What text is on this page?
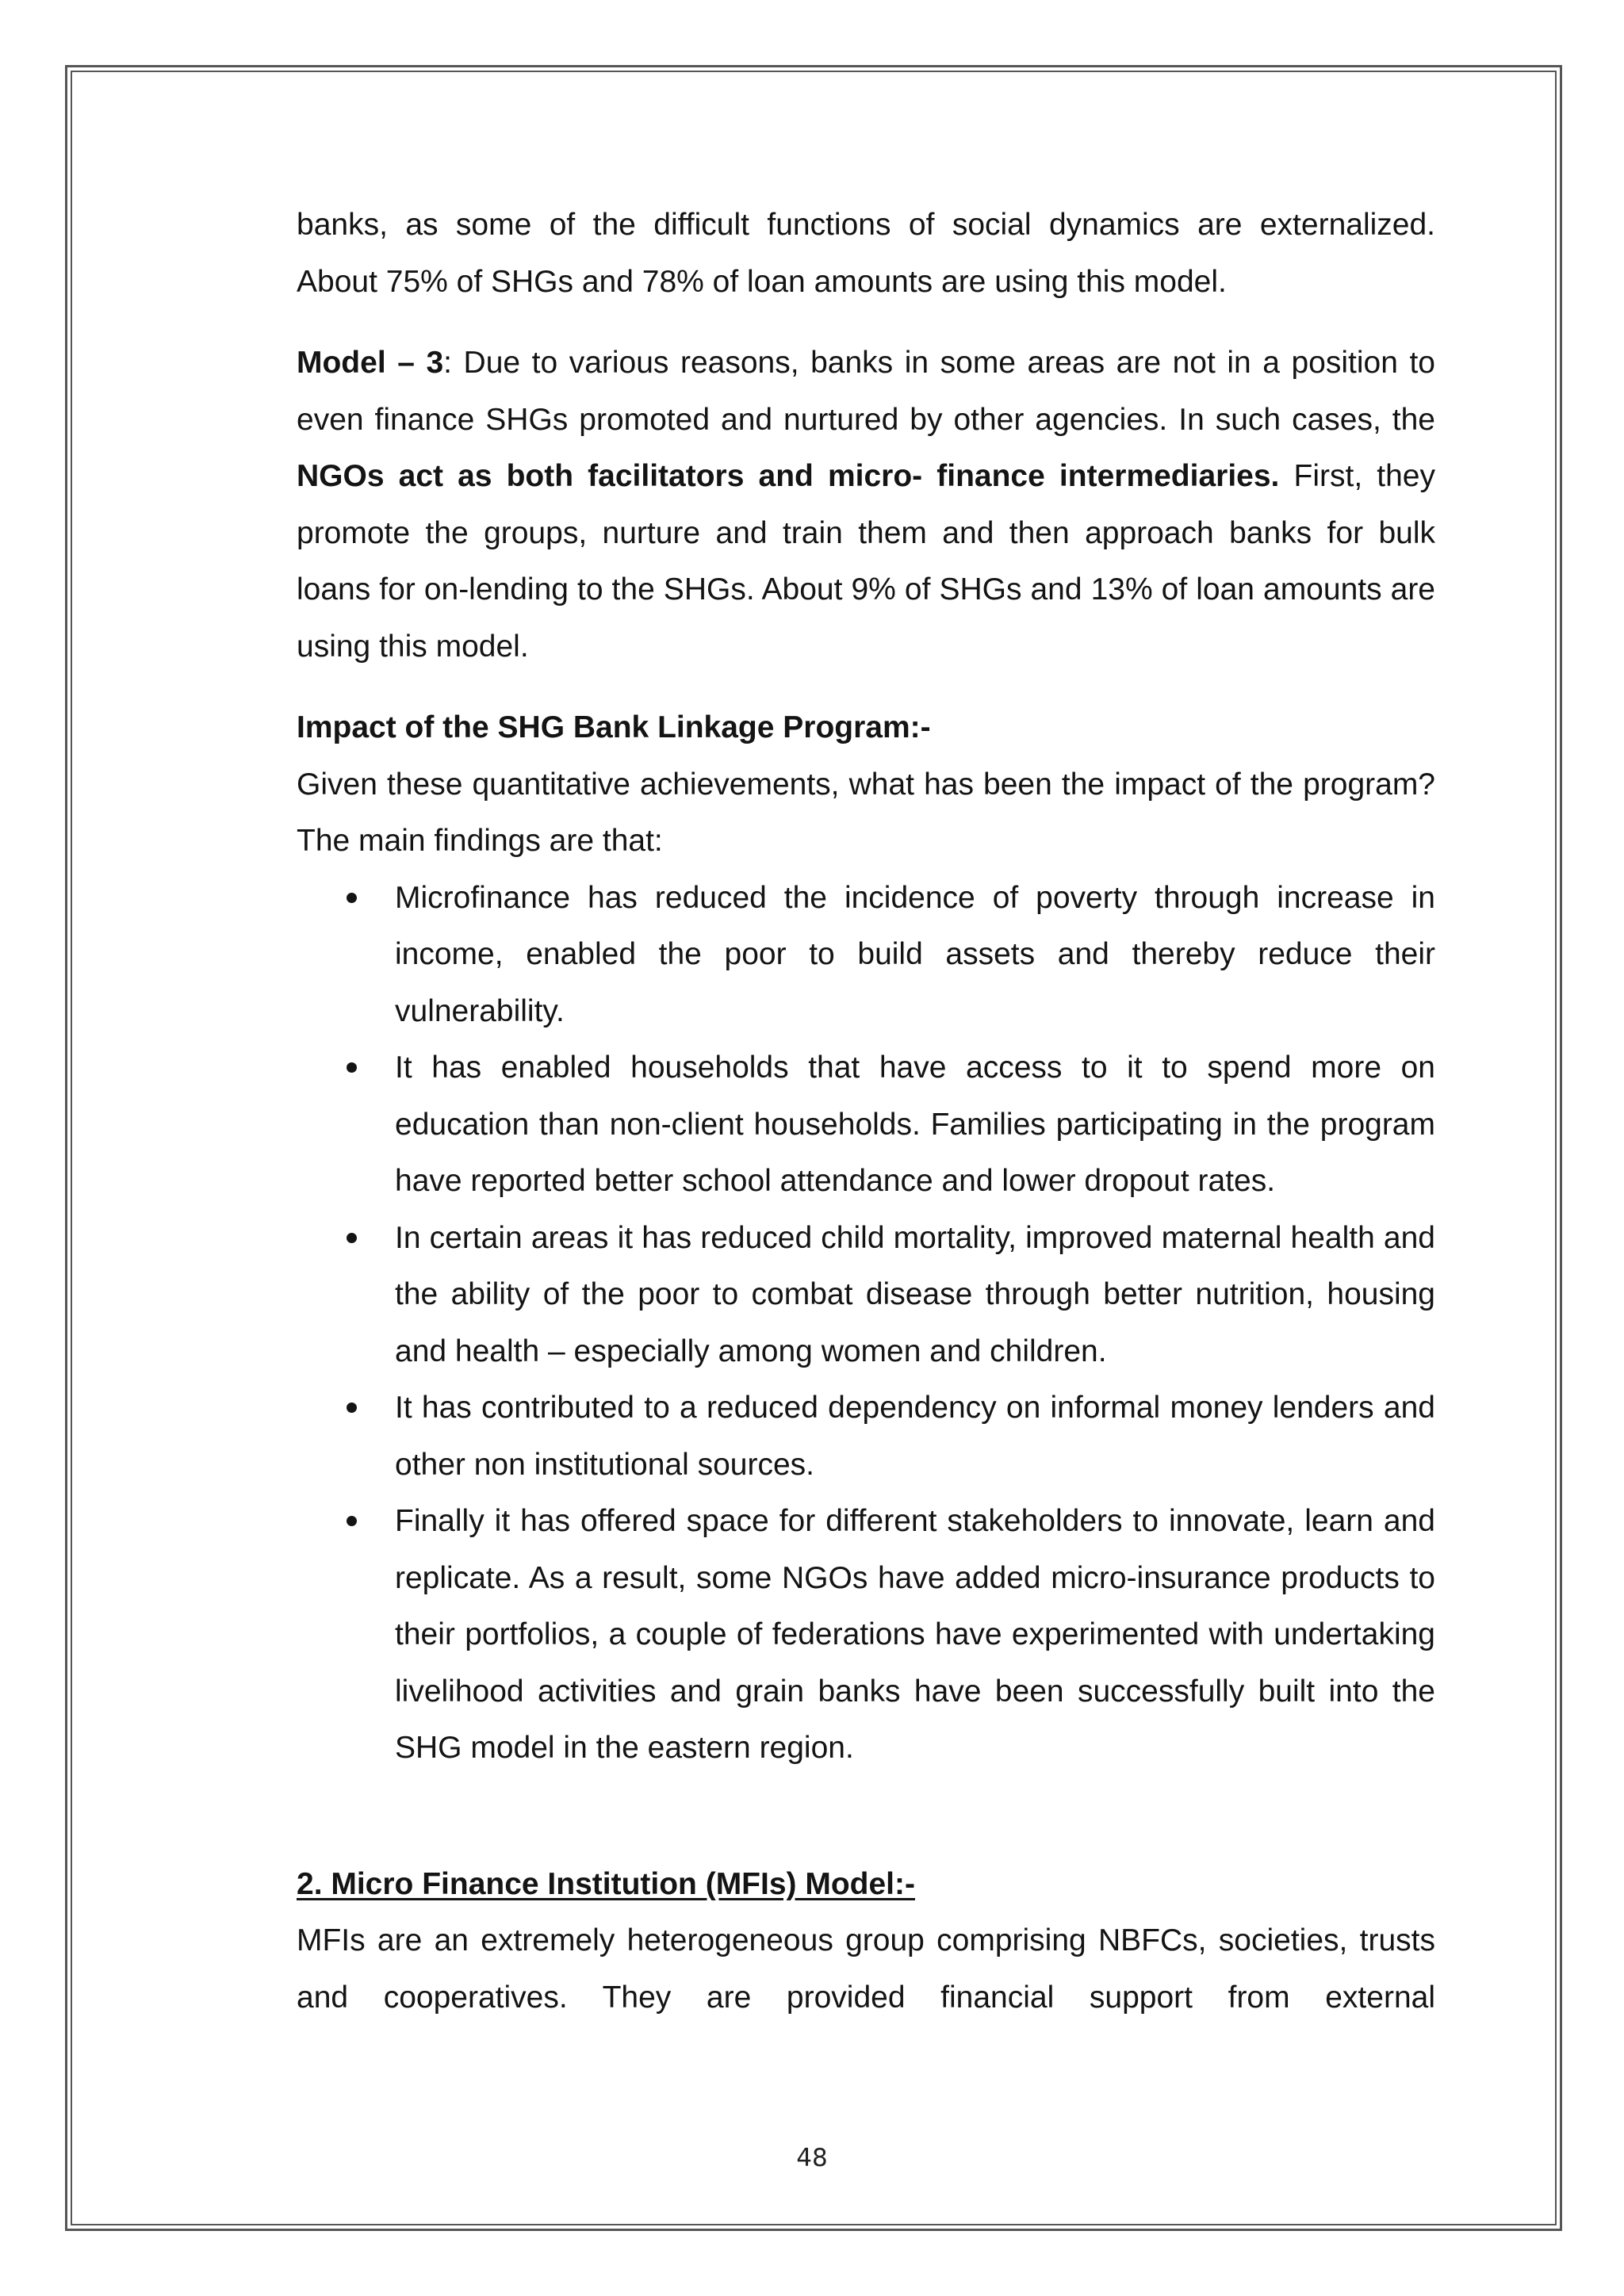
banks, as some of the difficult functions of social dynamics are externalized.
About 75% of SHGs and 78% of loan amounts are using this model.

Model – 3: Due to various reasons, banks in some areas are not in a position to even finance SHGs promoted and nurtured by other agencies. In such cases, the NGOs act as both facilitators and micro- finance intermediaries. First, they promote the groups, nurture and train them and then approach banks for bulk loans for on-lending to the SHGs. About 9% of SHGs and 13% of loan amounts are using this model.

Impact of the SHG Bank Linkage Program:-

Given these quantitative achievements, what has been the impact of the program? The main findings are that:

Microfinance has reduced the incidence of poverty through increase in income, enabled the poor to build assets and thereby reduce their vulnerability.
It has enabled households that have access to it to spend more on education than non-client households. Families participating in the program have reported better school attendance and lower dropout rates.
In certain areas it has reduced child mortality, improved maternal health and the ability of the poor to combat disease through better nutrition, housing and health – especially among women and children.
It has contributed to a reduced dependency on informal money lenders and other non institutional sources.
Finally it has offered space for different stakeholders to innovate, learn and replicate. As a result, some NGOs have added micro-insurance products to their portfolios, a couple of federations have experimented with undertaking livelihood activities and grain banks have been successfully built into the SHG model in the eastern region.
2. Micro Finance Institution (MFIs) Model:-

MFIs are an extremely heterogeneous group comprising NBFCs, societies, trusts and cooperatives. They are provided financial support from external

48
